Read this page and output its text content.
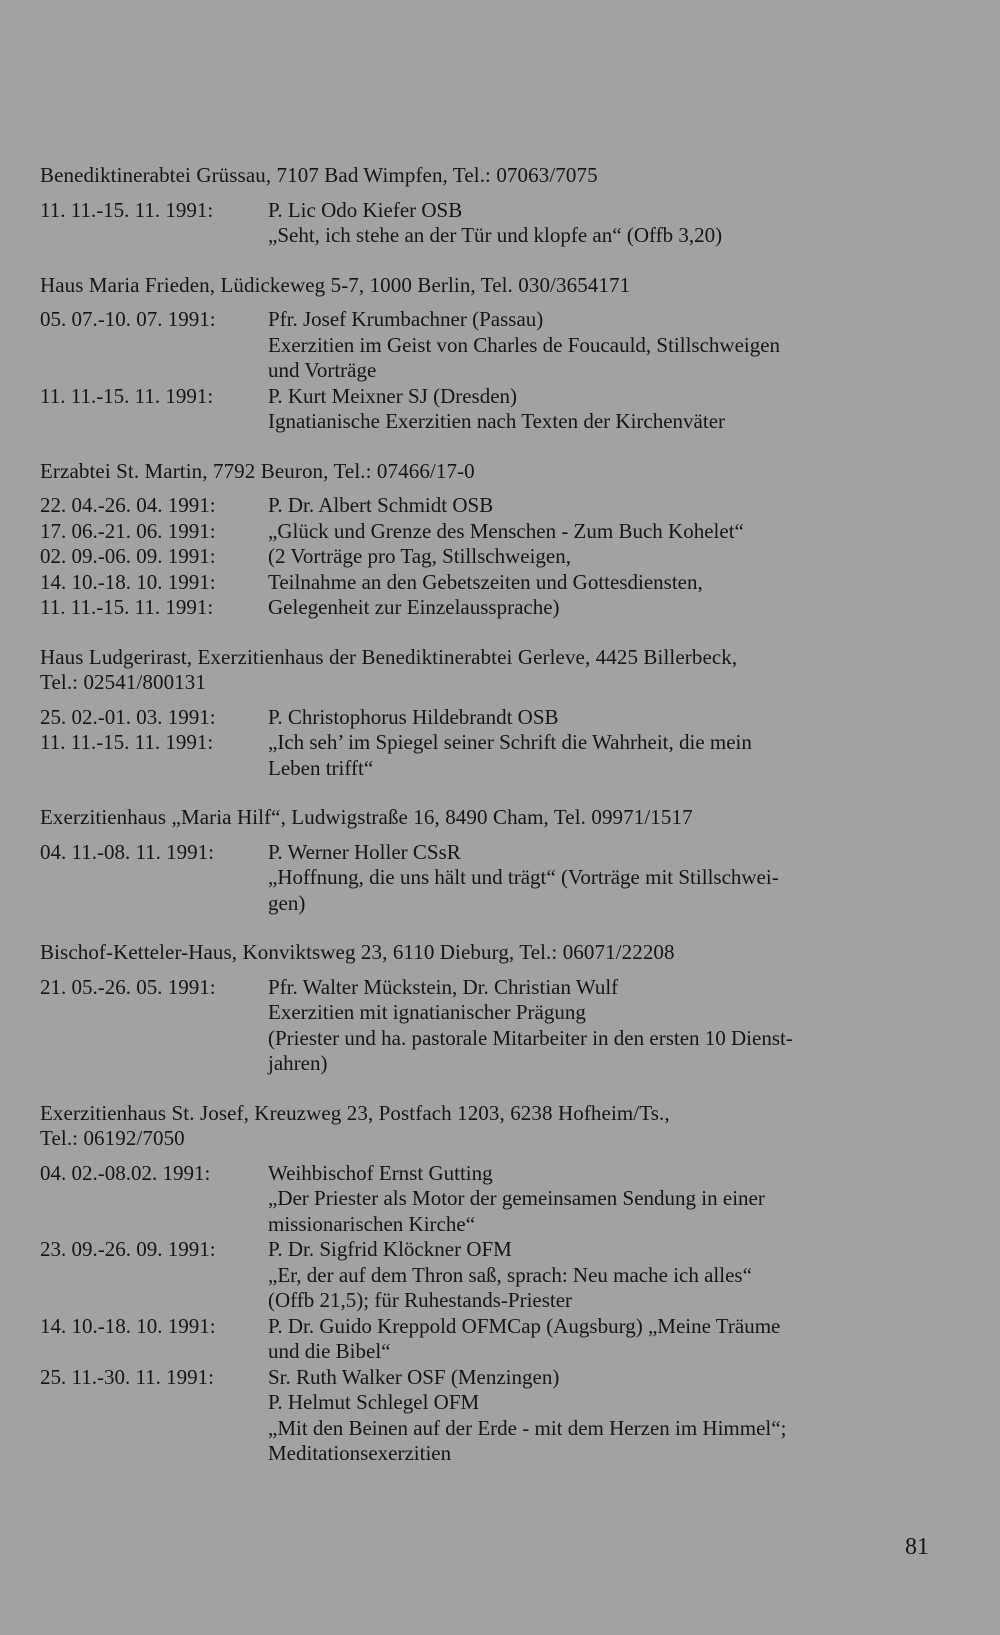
Benediktinerabtei Grüssau, 7107 Bad Wimpfen, Tel.: 07063/7075
11. 11.-15. 11. 1991:	P. Lic Odo Kiefer OSB
„Seht, ich stehe an der Tür und klopfe an“ (Offb 3,20)
Haus Maria Frieden, Lüdickeweg 5-7, 1000 Berlin, Tel. 030/3654171
05. 07.-10. 07. 1991:	Pfr. Josef Krumbachner (Passau)
Exerzitien im Geist von Charles de Foucauld, Stillschweigen
und Vorträge
11. 11.-15. 11. 1991:	P. Kurt Meixner SJ (Dresden)
Ignatianische Exerzitien nach Texten der Kirchenväter
Erzabtei St. Martin, 7792 Beuron, Tel.: 07466/17-0
22. 04.-26. 04. 1991:	P. Dr. Albert Schmidt OSB
17. 06.-21. 06. 1991:	„Glück und Grenze des Menschen - Zum Buch Kohelet“
02. 09.-06. 09. 1991:	(2 Vorträge pro Tag, Stillschweigen,
14. 10.-18. 10. 1991:	Teilnahme an den Gebetszeiten und Gottesdiensten,
11. 11.-15. 11. 1991:	Gelegenheit zur Einzelaussprache)
Haus Ludgerirast, Exerzitienhaus der Benediktinerabtei Gerleve, 4425 Billerbeck,
Tel.: 02541/800131
25. 02.-01. 03. 1991:	P. Christophorus Hildebrandt OSB
11. 11.-15. 11. 1991:	„Ich seh’ im Spiegel seiner Schrift die Wahrheit, die mein
Leben trifft“
Exerzitienhaus „Maria Hilf“, Ludwigstraße 16, 8490 Cham, Tel. 09971/1517
04. 11.-08. 11. 1991:	P. Werner Holler CSsR
„Hoffnung, die uns hält und trägt“ (Vorträge mit Stillschwei-
gen)
Bischof-Ketteler-Haus, Konviktsweg 23, 6110 Dieburg, Tel.: 06071/22208
21. 05.-26. 05. 1991:	Pfr. Walter Mückstein, Dr. Christian Wulf
Exerzitien mit ignatianischer Prägung
(Priester und ha. pastorale Mitarbeiter in den ersten 10 Dienst-
jahren)
Exerzitienhaus St. Josef, Kreuzweg 23, Postfach 1203, 6238 Hofheim/Ts.,
Tel.: 06192/7050
04. 02.-08.02. 1991:	Weihbischof Ernst Gutting
„Der Priester als Motor der gemeinsamen Sendung in einer
missionarischen Kirche“
23. 09.-26. 09. 1991:	P. Dr. Sigfrid Klöckner OFM
„Er, der auf dem Thron saß, sprach: Neu mache ich alles“
(Offb 21,5); für Ruhestands-Priester
14. 10.-18. 10. 1991:	P. Dr. Guido Kreppold OFMCap (Augsburg) „Meine Träume
und die Bibel“
25. 11.-30. 11. 1991:	Sr. Ruth Walker OSF (Menzingen)
P. Helmut Schlegel OFM
„Mit den Beinen auf der Erde - mit dem Herzen im Himmel“;
Meditationsexerzitien
81
